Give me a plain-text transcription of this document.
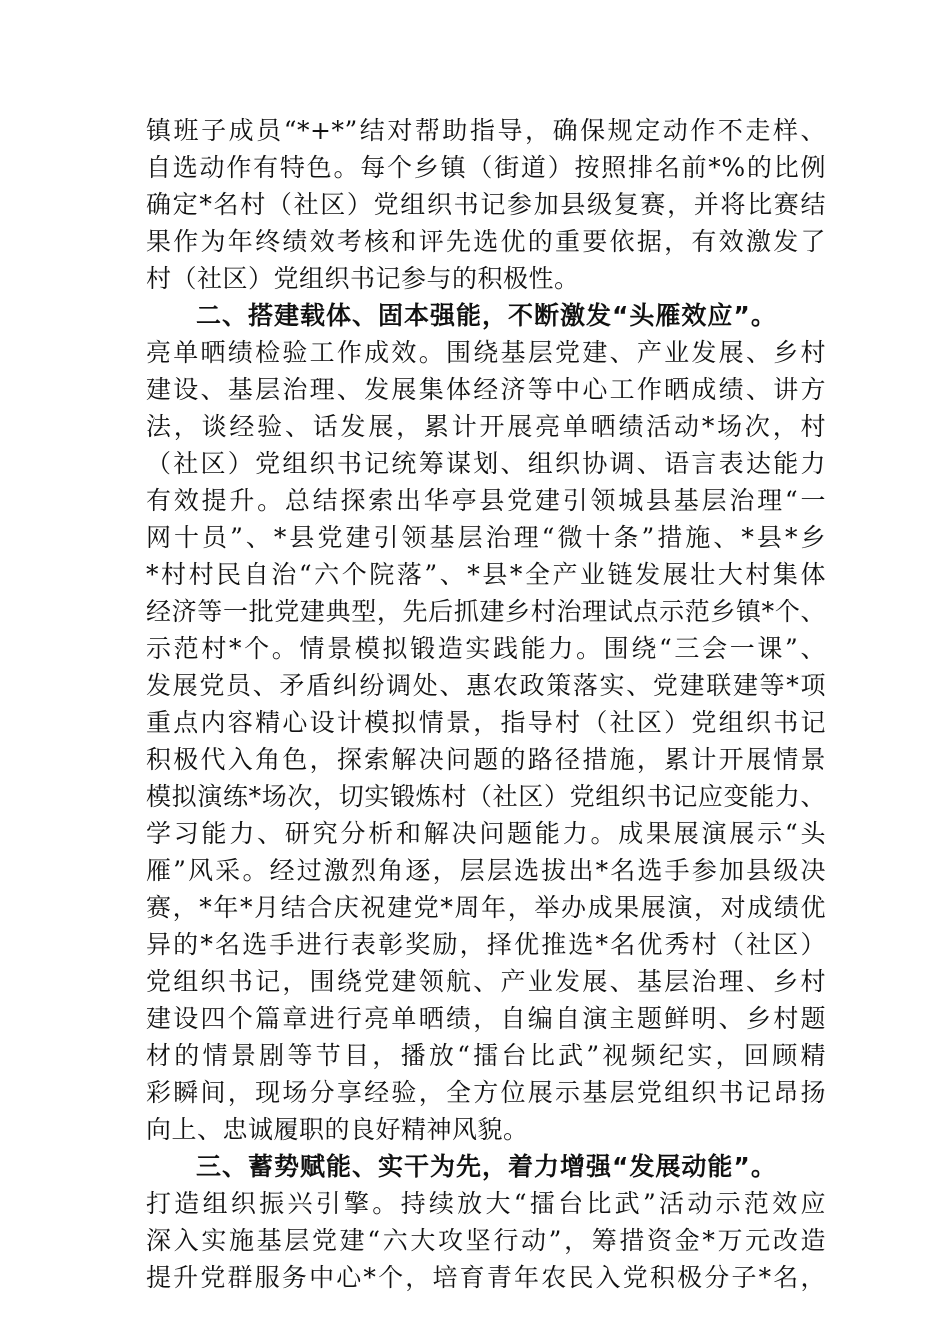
镇班子成员“*+*”结对帮助指导，确保规定动作不走样、
自选动作有特色。每个乡镇（街道）按照排名前*%的比例
确定*名村（社区）党组织书记参加县级复赛，并将比赛结
果作为年终绩效考核和评先选优的重要依据，有效激发了
村（社区）党组织书记参与的积极性。
二、搭建载体、固本强能，不断激发“头雁效应”。
亮单晒绩检验工作成效。围绕基层党建、产业发展、乡村
建设、基层治理、发展集体经济等中心工作晒成绩、讲方
法，谈经验、话发展，累计开展亮单晒绩活动*场次，村
（社区）党组织书记统筹谋划、组织协调、语言表达能力
有效提升。总结探索出华亭县党建引领城县基层治理“一
网十员”、*县党建引领基层治理“微十条”措施、*县*乡
*村村民自治“六个院落”、*县*全产业链发展壮大村集体
经济等一批党建典型，先后抓建乡村治理试点示范乡镇*个、
示范村*个。情景模拟锻造实践能力。围绕“三会一课”、
发展党员、矛盾纠纷调处、惠农政策落实、党建联建等*项
重点内容精心设计模拟情景，指导村（社区）党组织书记
积极代入角色，探索解决问题的路径措施，累计开展情景
模拟演练*场次，切实锻炼村（社区）党组织书记应变能力、
学习能力、研究分析和解决问题能力。成果展演展示“头
雁”风采。经过激烈角逐，层层选拔出*名选手参加县级决
赛，*年*月结合庆祝建党*周年，举办成果展演，对成绩优
异的*名选手进行表彰奖励，择优推选*名优秀村（社区）
党组织书记，围绕党建领航、产业发展、基层治理、乡村
建设四个篇章进行亮单晒绩，自编自演主题鲜明、乡村题
材的情景剧等节目，播放“擂台比武”视频纪实，回顾精
彩瞬间，现场分享经验，全方位展示基层党组织书记昂扬
向上、忠诚履职的良好精神风貌。
三、蓄势赋能、实干为先，着力增强“发展动能”。
打造组织振兴引擎。持续放大“擂台比武”活动示范效应
深入实施基层党建“六大攻坚行动”，筹措资金*万元改造
提升党群服务中心*个，培育青年农民入党积极分子*名，
